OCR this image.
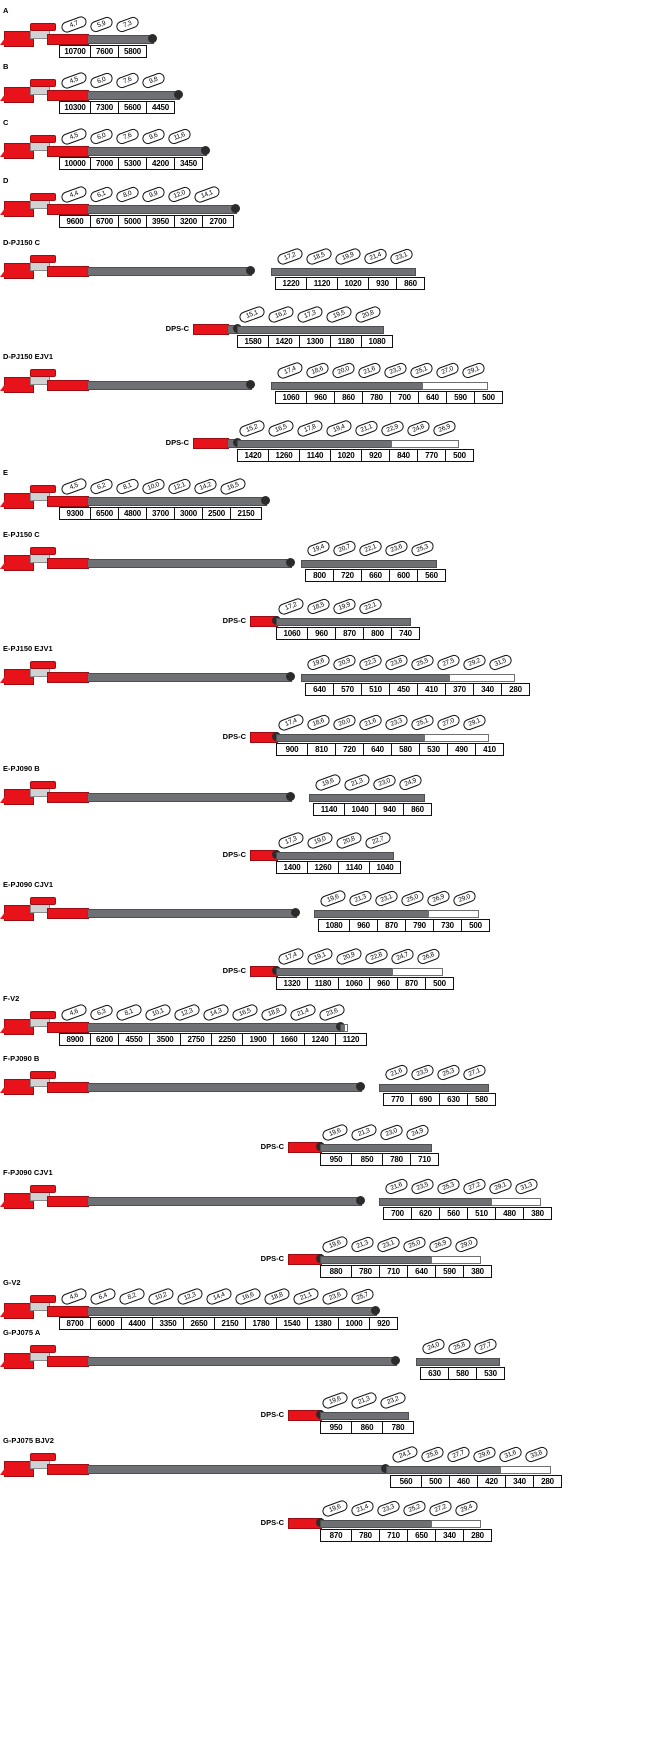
A
10700	7600	5800
4,7	5,9	7,3
B
10300	7300	5600	4450
4,5	6,0	7,6	9,8
C
10000	7000	5300	4200	3450
4,5	6,0	7,6	9,6	11,6
D
9600	6700	5000	3950	3200	2700
4,4	6,1	8,0	9,9	12,0	14,1
D-PJ150 C
1220	1120	1020	930	860
17,2	18,5	19,9	21,4	23,1
DPS-C
1580	1420	1300	1180	1080
15,1	16,2	17,3	19,5	20,8
D-PJ150 EJV1
1060	960	860	780	700	640	590	500
17,4	18,6	20,0	21,6	23,3	25,1	27,0	29,1
DPS-C
1420	1260	1140	1020	920	840	770	500
15,2	16,5	17,8	19,4	21,1	22,9	24,8	26,9
E
9300	6500	4800	3700	3000	2500	2150
4,5	6,2	8,1	10,0	12,1	14,2	16,5
E-PJ150 C
800	720	660	600	560
19,4	20,7	22,1	23,6	25,3
DPS-C
1060	960	870	800	740
17,2	18,5	19,9	22,1
E-PJ150 EJV1
640	570	510	450	410	370	340	280
19,6	20,9	22,3	23,8	25,5	27,5	29,2	31,5
DPS-C
900	810	720	640	580	530	490	410
17,4	18,6	20,0	21,6	23,3	25,1	27,0	29,1
E-PJ090 B
1140	1040	940	860
19,6	21,3	23,0	24,9
DPS-C
1400	1260	1140	1040
17,3	19,0	20,8	22,7
E-PJ090 CJV1
1080	960	870	790	730	500
19,6	21,3	23,1	25,0	26,9	29,0
DPS-C
1320	1180	1060	960	870	500
17,4	19,1	20,9	22,8	24,7	26,8
F-V2
8900	6200	4550	3500	2750	2250	1900	1660	1240	1120
4,6	6,3	8,1	10,1	12,3	14,3	16,5	18,8	21,4	23,6
F-PJ090 B
770	690	630	580
21,6	23,5	25,3	27,1
DPS-C
950	850	780	710
19,6	21,3	23,0	24,9
F-PJ090 CJV1
700	620	560	510	480	380
21,6	23,5	25,3	27,2	29,1	31,3
DPS-C
880	780	710	640	590	380
19,6	21,3	23,1	25,0	26,9	29,0
G-V2
8700	6000	4400	3350	2650	2150	1780	1540	1380	1000	920
4,6	6,4	8,2	10,2	12,3	14,4	16,6	18,8	21,1	23,6	25,7
G-PJ075 A
630	580	530
24,0	25,8	27,7
DPS-C
950	860	780
19,6	21,3	23,2
G-PJ075 BJV2
560	500	460	420	340	280
24,1	25,8	27,7	29,6	31,6	33,8
DPS-C
870	780	710	650	340	280
19,6	21,4	23,3	25,2	27,2	29,4
